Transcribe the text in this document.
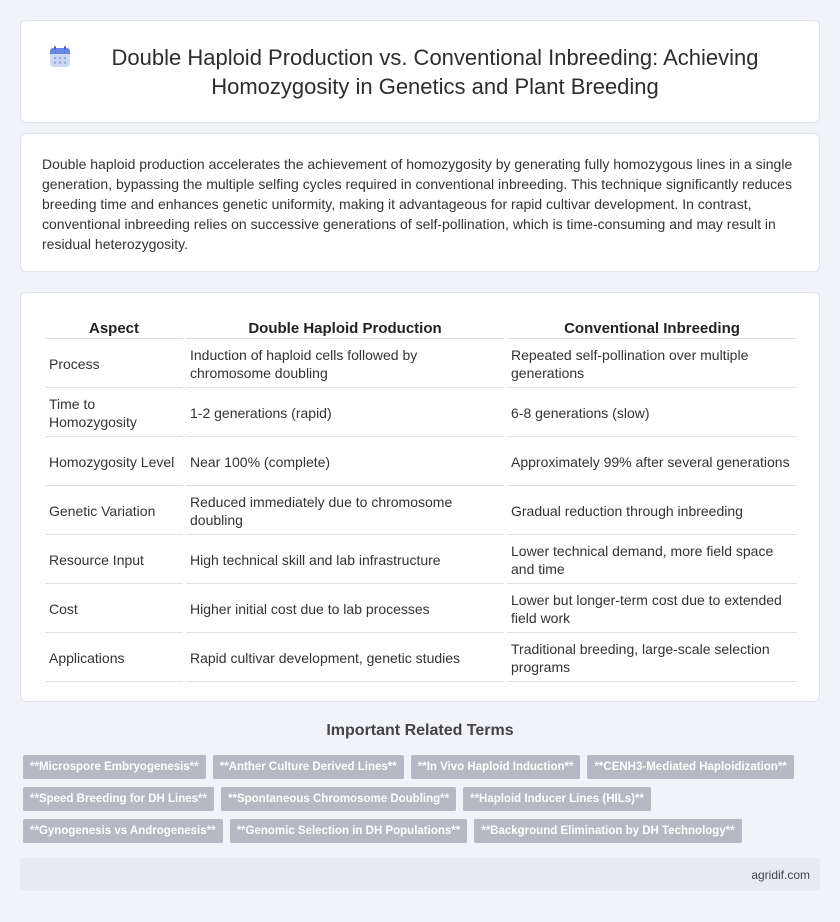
Double Haploid Production vs. Conventional Inbreeding: Achieving Homozygosity in Genetics and Plant Breeding

Double haploid production accelerates the achievement of homozygosity by generating fully homozygous lines in a single generation, bypassing the multiple selfing cycles required in conventional inbreeding. This technique significantly reduces breeding time and enhances genetic uniformity, making it advantageous for rapid cultivar development. In contrast, conventional inbreeding relies on successive generations of self-pollination, which is time-consuming and may result in residual heterozygosity.

Aspect	Double Haploid Production	Conventional Inbreeding
Process	Induction of haploid cells followed by chromosome doubling	Repeated self-pollination over multiple generations
Time to Homozygosity	1-2 generations (rapid)	6-8 generations (slow)
Homozygosity Level	Near 100% (complete)	Approximately 99% after several generations
Genetic Variation	Reduced immediately due to chromosome doubling	Gradual reduction through inbreeding
Resource Input	High technical skill and lab infrastructure	Lower technical demand, more field space and time
Cost	Higher initial cost due to lab processes	Lower but longer-term cost due to extended field work
Applications	Rapid cultivar development, genetic studies	Traditional breeding, large-scale selection programs
Important Related Terms
**Microspore Embryogenesis**	**Anther Culture Derived Lines**	**In Vivo Haploid Induction**	**CENH3-Mediated Haploidization**
**Speed Breeding for DH Lines**	**Spontaneous Chromosome Doubling**	**Haploid Inducer Lines (HILs)**
**Gynogenesis vs Androgenesis**	**Genomic Selection in DH Populations**	**Background Elimination by DH Technology**
agridif.com
